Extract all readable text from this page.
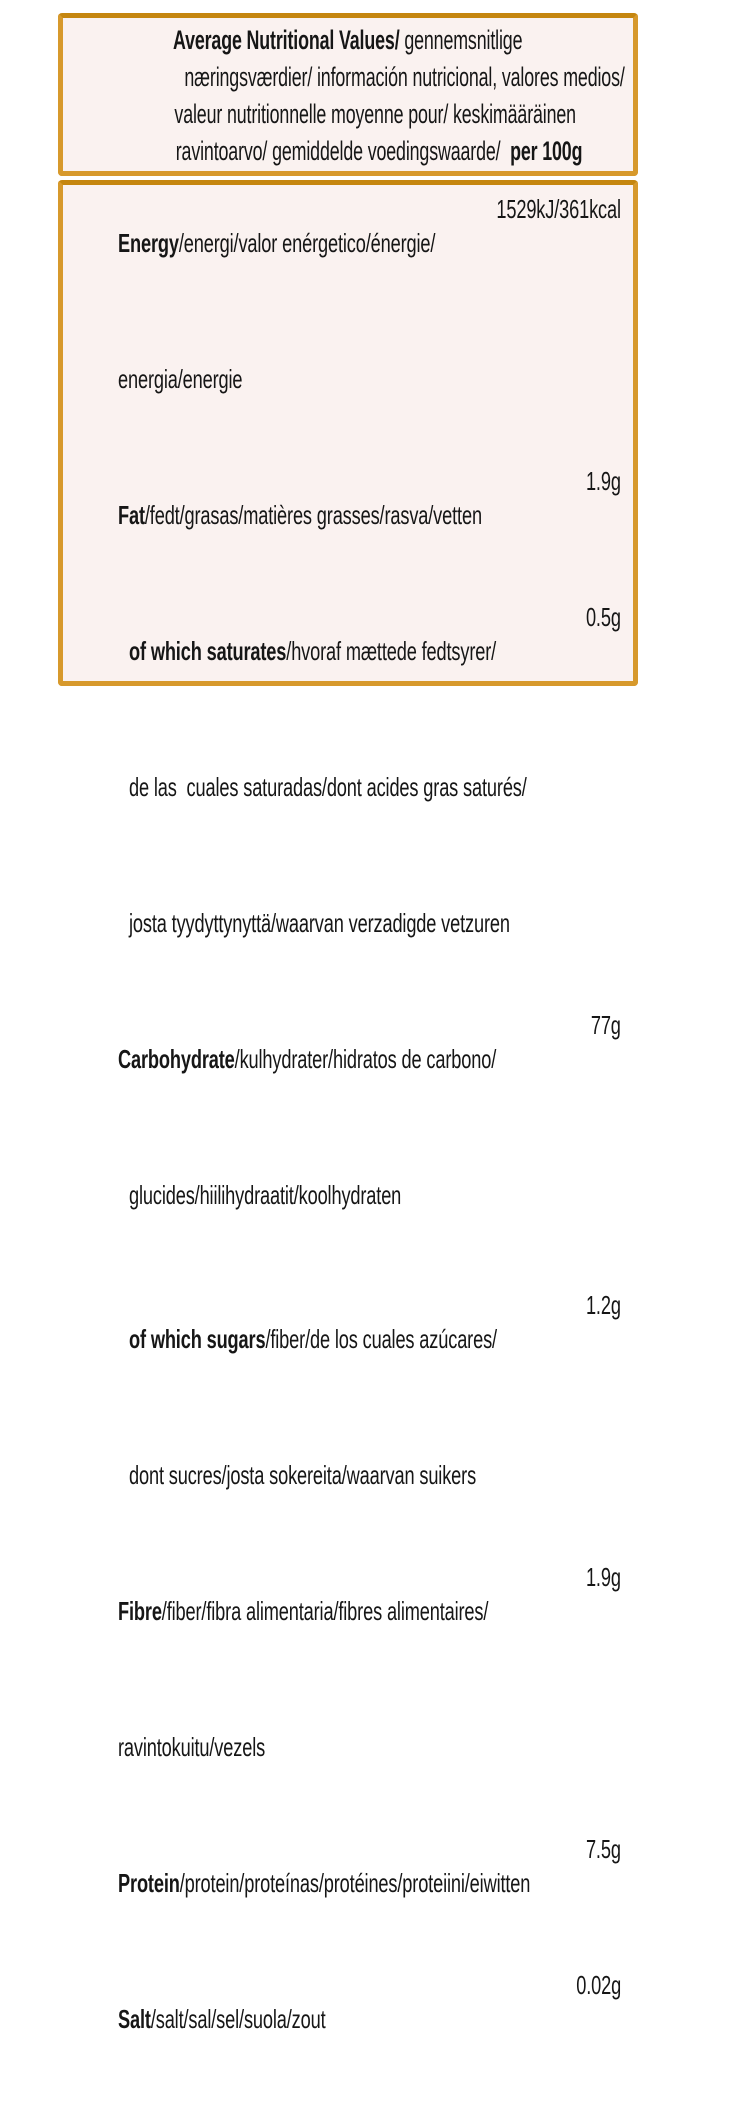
Average Nutritional Values/ gennemsnitlige
næringsværdier/ información nutricional, valores medios/
valeur nutritionnelle moyenne pour/ keskimääräinen
ravintoarvo/ gemiddelde voedingswaarde/  per 100g

Energy/energi/valor enérgetico/énergie/

1529kJ/361kcal

energia/energie

Fat/fedt/grasas/matières grasses/rasva/vetten

1.9g

of which saturates/hvoraf mættede fedtsyrer/

0.5g

de las  cuales saturadas/dont acides gras saturés/

josta tyydyttynyttä/waarvan verzadigde vetzuren

Carbohydrate/kulhydrater/hidratos de carbono/

77g

glucides/hiilihydraatit/koolhydraten

of which sugars/fiber/de los cuales azúcares/

1.2g

dont sucres/josta sokereita/waarvan suikers

Fibre/fiber/fibra alimentaria/fibres alimentaires/

1.9g

ravintokuitu/vezels

Protein/protein/proteínas/protéines/proteiini/eiwitten

7.5g

Salt/salt/sal/sel/suola/zout

0.02g
